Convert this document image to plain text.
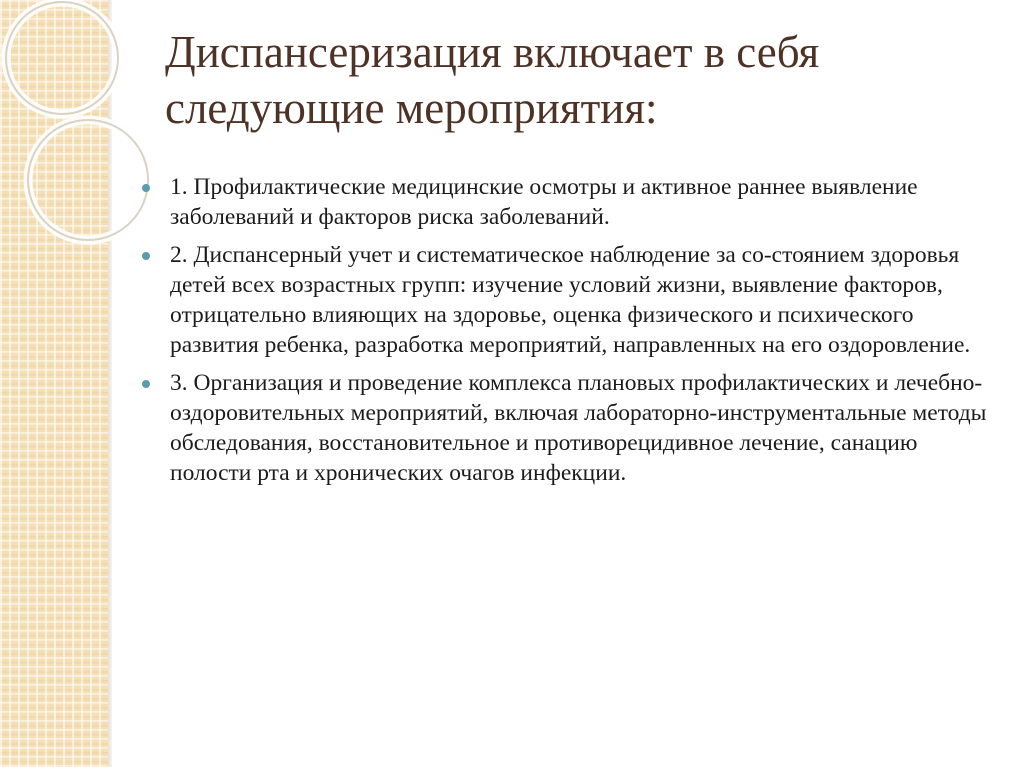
Диспансеризация включает в себя
следующие мероприятия:
1. Профилактические медицинские осмотры и активное раннее выявление заболеваний и факторов риска заболеваний.
2. Диспансерный учет и систематическое наблюдение за со-стоянием здоровья детей всех возрастных групп: изучение условий жизни, выявление факторов, отрицательно влияющих на здоровье, оценка физического и психического развития ребенка, разработка мероприятий, направленных на его оздоровление.
3. Организация и проведение комплекса плановых профилактических и лечебно-оздоровительных мероприятий, включая лабораторно-инструментальные методы обследования, восстановительное и противорецидивное лечение, санацию полости рта и хронических очагов инфекции.
